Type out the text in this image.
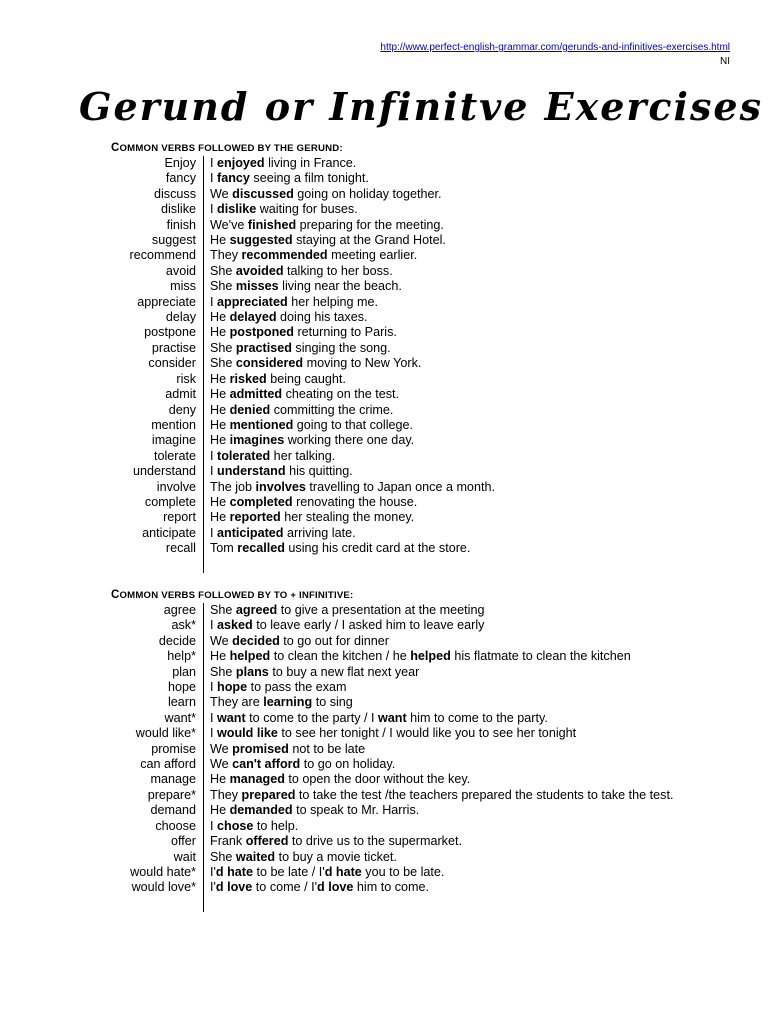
http://www.perfect-english-grammar.com/gerunds-and-infinitives-exercises.html
NI
Gerund or Infinitve Exercises
COMMON VERBS FOLLOWED BY THE GERUND:
Enjoy	I enjoyed living in France.
fancy	I fancy seeing a film tonight.
discuss	We discussed going on holiday together.
dislike	I dislike waiting for buses.
finish	We've finished preparing for the meeting.
suggest	He suggested staying at the Grand Hotel.
recommend	They recommended meeting earlier.
avoid	She avoided talking to her boss.
miss	She misses living near the beach.
appreciate	I appreciated her helping me.
delay	He delayed doing his taxes.
postpone	He postponed returning to Paris.
practise	She practised singing the song.
consider	She considered moving to New York.
risk	He risked being caught.
admit	He admitted cheating on the test.
deny	He denied committing the crime.
mention	He mentioned going to that college.
imagine	He imagines working there one day.
tolerate	I tolerated her talking.
understand	I understand his quitting.
involve	The job involves travelling to Japan once a month.
complete	He completed renovating the house.
report	He reported her stealing the money.
anticipate	I anticipated arriving late.
recall	Tom recalled using his credit card at the store.
COMMON VERBS FOLLOWED BY TO + INFINITIVE:
agree	She agreed to give a presentation at the meeting
ask*	I asked to leave early / I asked him to leave early
decide	We decided to go out for dinner
help*	He helped to clean the kitchen / he helped his flatmate to clean the kitchen
plan	She plans to buy a new flat next year
hope	I hope to pass the exam
learn	They are learning to sing
want*	I want to come to the party / I want him to come to the party.
would like*	I would like to see her tonight / I would like you to see her tonight
promise	We promised not to be late
can afford	We can't afford to go on holiday.
manage	He managed to open the door without the key.
prepare*	They prepared to take the test /the teachers prepared the students to take the test.
demand	He demanded to speak to Mr. Harris.
choose	I chose to help.
offer	Frank offered to drive us to the supermarket.
wait	She waited to buy a movie ticket.
would hate*	I'd hate to be late / I'd hate you to be late.
would love*	I'd love to come / I'd love him to come.
